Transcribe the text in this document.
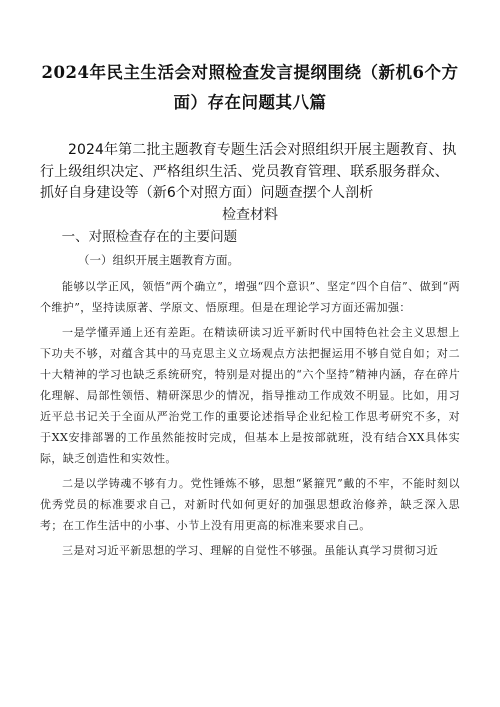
2024年民主生活会对照检查发言提纲围绕（新机6个方面）存在问题其八篇

2024年第二批主题教育专题生活会对照组织开展主题教育、执行上级组织决定、严格组织生活、党员教育管理、联系服务群众、抓好自身建设等（新6个对照方面）问题查摆个人剖析

检查材料

一、对照检查存在的主要问题

（一）组织开展主题教育方面。

能够以学正风，领悟“两个确立”，增强“四个意识”、坚定“四个自信”、做到“两个维护”，坚持读原著、学原文、悟原理。但是在理论学习方面还需加强：

一是学懂弄通上还有差距。在精读研读习近平新时代中国特色社会主义思想上下功夫不够，对蕴含其中的马克思主义立场观点方法把握运用不够自觉自如；对二十大精神的学习也缺乏系统研究，特别是对提出的“六个坚持”精神内涵，存在碎片化理解、局部性领悟、精研深思少的情况，指导推动工作成效不明显。比如，用习近平总书记关于全面从严治党工作的重要论述指导企业纪检工作思考研究不多，对于XX安排部署的工作虽然能按时完成，但基本上是按部就班，没有结合XX具体实际，缺乏创造性和实效性。

二是以学铸魂不够有力。党性锤炼不够，思想“紧箍咒”戴的不牢，不能时刻以优秀党员的标准要求自己，对新时代如何更好的加强思想政治修养，缺乏深入思考；在工作生活中的小事、小节上没有用更高的标准来要求自己。

三是对习近平新思想的学习、理解的自觉性不够强。虽能认真学习贯彻习近
